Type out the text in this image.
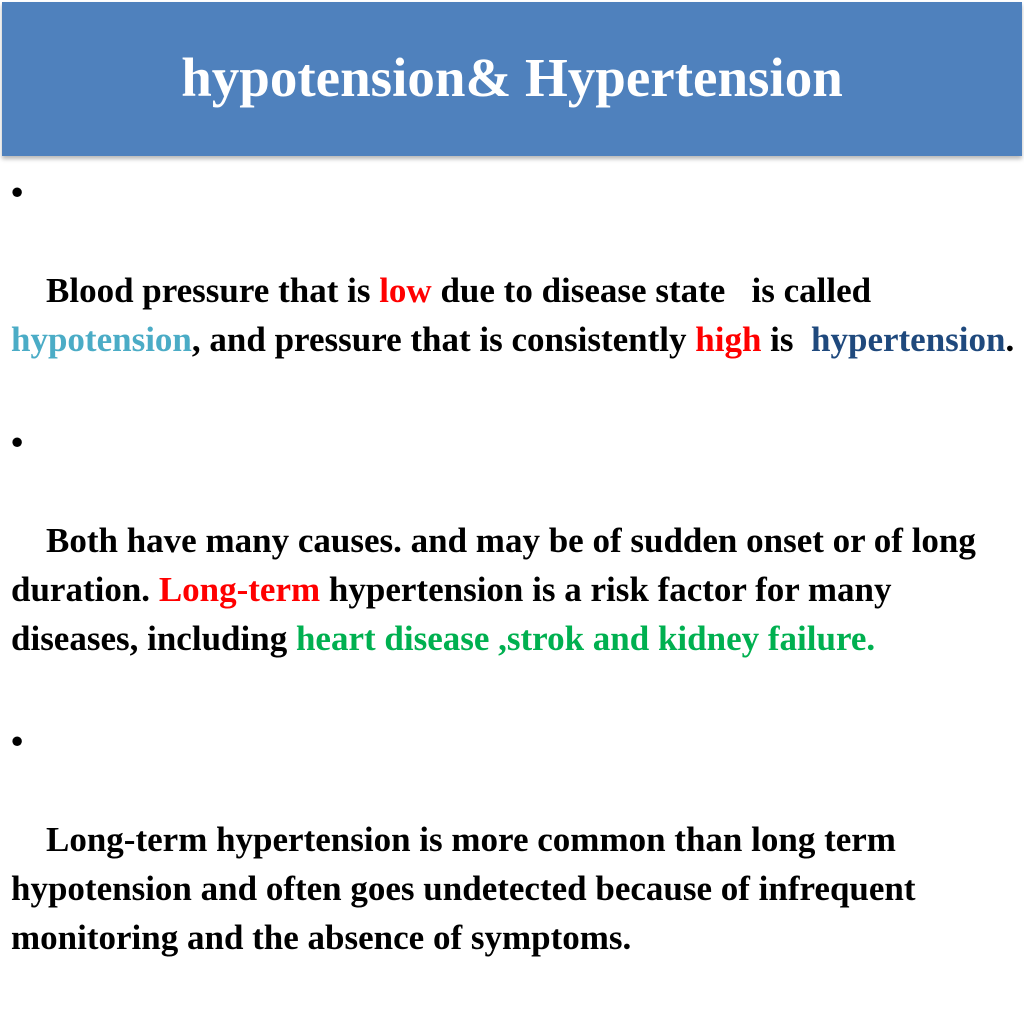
hypotension& Hypertension

•

Blood pressure that is low due to disease state   is called hypotension, and pressure that is consistently high is  hypertension.

•

Both have many causes. and may be of sudden onset or of long duration. Long-term hypertension is a risk factor for many diseases, including heart disease ,strok and kidney failure.

•

Long-term hypertension is more common than long term hypotension and often goes undetected because of infrequent monitoring and the absence of symptoms.
